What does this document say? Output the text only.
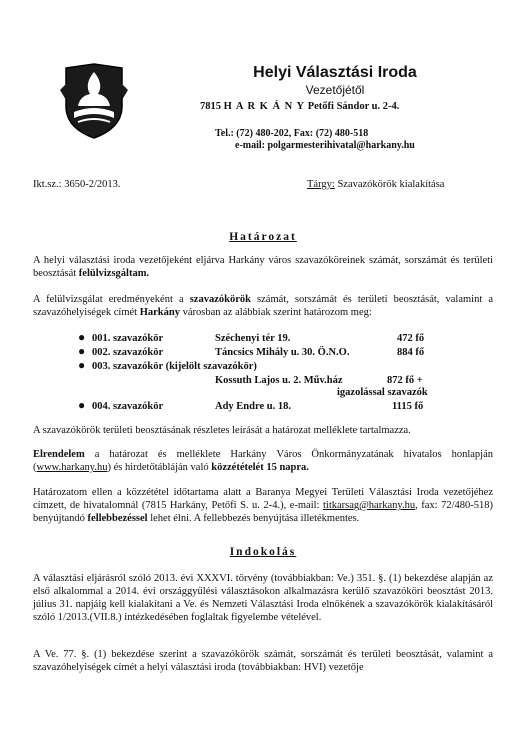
Helyi Választási Iroda
Vezetőjétől
7815 H A R K Á N Y Petőfi Sándor u. 2-4.
Tel.: (72) 480-202, Fax: (72) 480-518
e-mail: polgarmesterihivatal@harkany.hu
Ikt.sz.: 3650-2/2013.	Tárgy: Szavazókörök kialakítása
Határozat
A helyi választási iroda vezetőjeként eljárva Harkány város szavazóköreinek számát, sorszámát és területi beosztását felülvizsgáltam.
A felülvizsgálat eredményeként a szavazókörök számát, sorszámát és területi beosztását, valamint a szavazóhelyiségek címét Harkány városban az alábbiak szerint határozom meg:
● 001. szavazókör	Széchenyi tér 19.	472 fő
● 002. szavazókör	Táncsics Mihály u. 30. Ö.N.O.	884 fő
● 003. szavazókör (kijelölt szavazókör)
Kossuth Lajos u. 2. Műv.ház	872 fő +
igazolással szavazók
● 004. szavazókör	Ady Endre u. 18.	1115 fő
A szavazókörök területi beosztásának részletes leírását a határozat melléklete tartalmazza.
Elrendelem a határozat és melléklete Harkány Város Önkormányzatának hivatalos honlapján (www.harkany.hu) és hirdetőtábláján való közzétételét 15 napra.
Határozatom ellen a közzététel időtartama alatt a Baranya Megyei Területi Választási Iroda vezetőjéhez címzett, de hivatalomnál (7815 Harkány, Petőfi S. u. 2-4.), e-mail: titkarsag@harkany.hu, fax: 72/480-518) benyújtandó fellebbezéssel lehet élni. A fellebbezés benyújtása illetékmentes.
Indokolás
A választási eljárásról szóló 2013. évi XXXVI. törvény (továbbiakban: Ve.) 351. §. (1) bekezdése alapján az első alkalommal a 2014. évi országgyűlési választásokon alkalmazásra kerülő szavazóköri beosztást 2013. július 31. napjáig kell kialakítani a Ve. és Nemzeti Választási Iroda elnökének a szavazókörök kialakításáról szóló 1/2013.(VII.8.) intézkedésében foglaltak figyelembe vételével.
A Ve. 77. §. (1) bekezdése szerint a szavazókörök számát, sorszámát és területi beosztását, valamint a szavazóhelyiségek címét a helyi választási iroda (továbbiakban: HVI) vezetője
